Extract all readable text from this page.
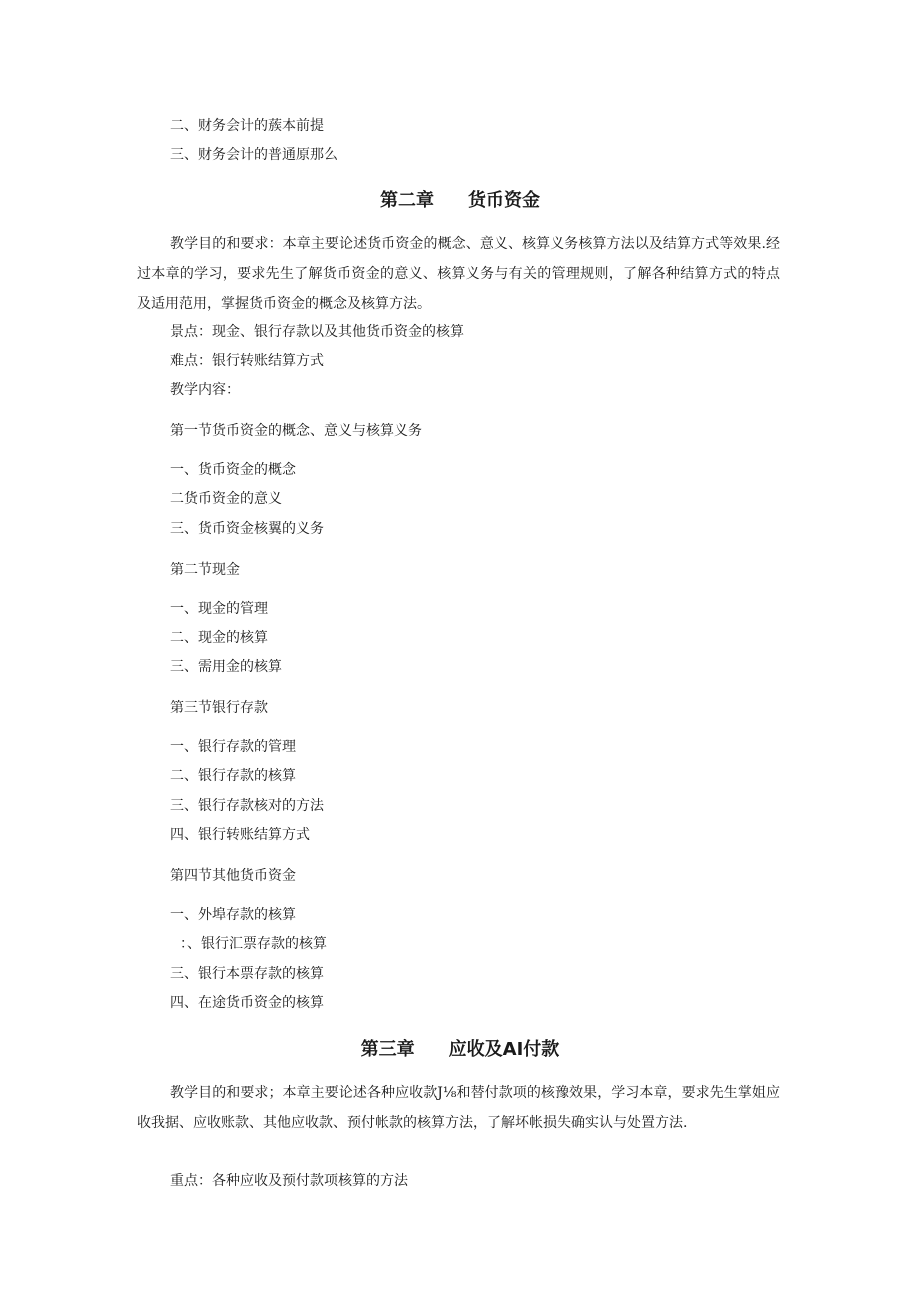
二、财务会计的蔟本前提
三、财务会计的普通原那么
第二章 货币资金
教学目的和要求：本章主要论述货币资金的概念、意义、核算义务核算方法以及结算方式等效果.经过本章的学习，要求先生了解货币资金的意义、核算义务与有关的管理规则，了解各种结算方式的特点及适用范用，掌握货币资金的概念及核算方法。
景点：现金、银行存款以及其他货币资金的核算
难点：银行转账结算方式
教学内容：
第一节货币资金的概念、意义与核算义务
一、货币资金的概念
二货币资金的意义
三、货币资金核翼的义务
第二节现金
一、现金的管理
二、现金的核算
三、需用金的核算
第三节银行存款
一、银行存款的管理
二、银行存款的核算
三、银行存款核对的方法
四、银行转账结算方式
第四节其他货币资金
一、外埠存款的核算
：、银行汇票存款的核算
三、银行本票存款的核算
四、在途货币资金的核算
第三章 应收及AI付款
教学目的和要求；本章主要论述各种应收款J⅛和替付款项的核豫效果，学习本章，要求先生掌姐应收我据、应收账款、其他应收款、预付帐款的核算方法，了解坏帐损失确实认与处置方法.
重点：各种应收及预付款项核算的方法
